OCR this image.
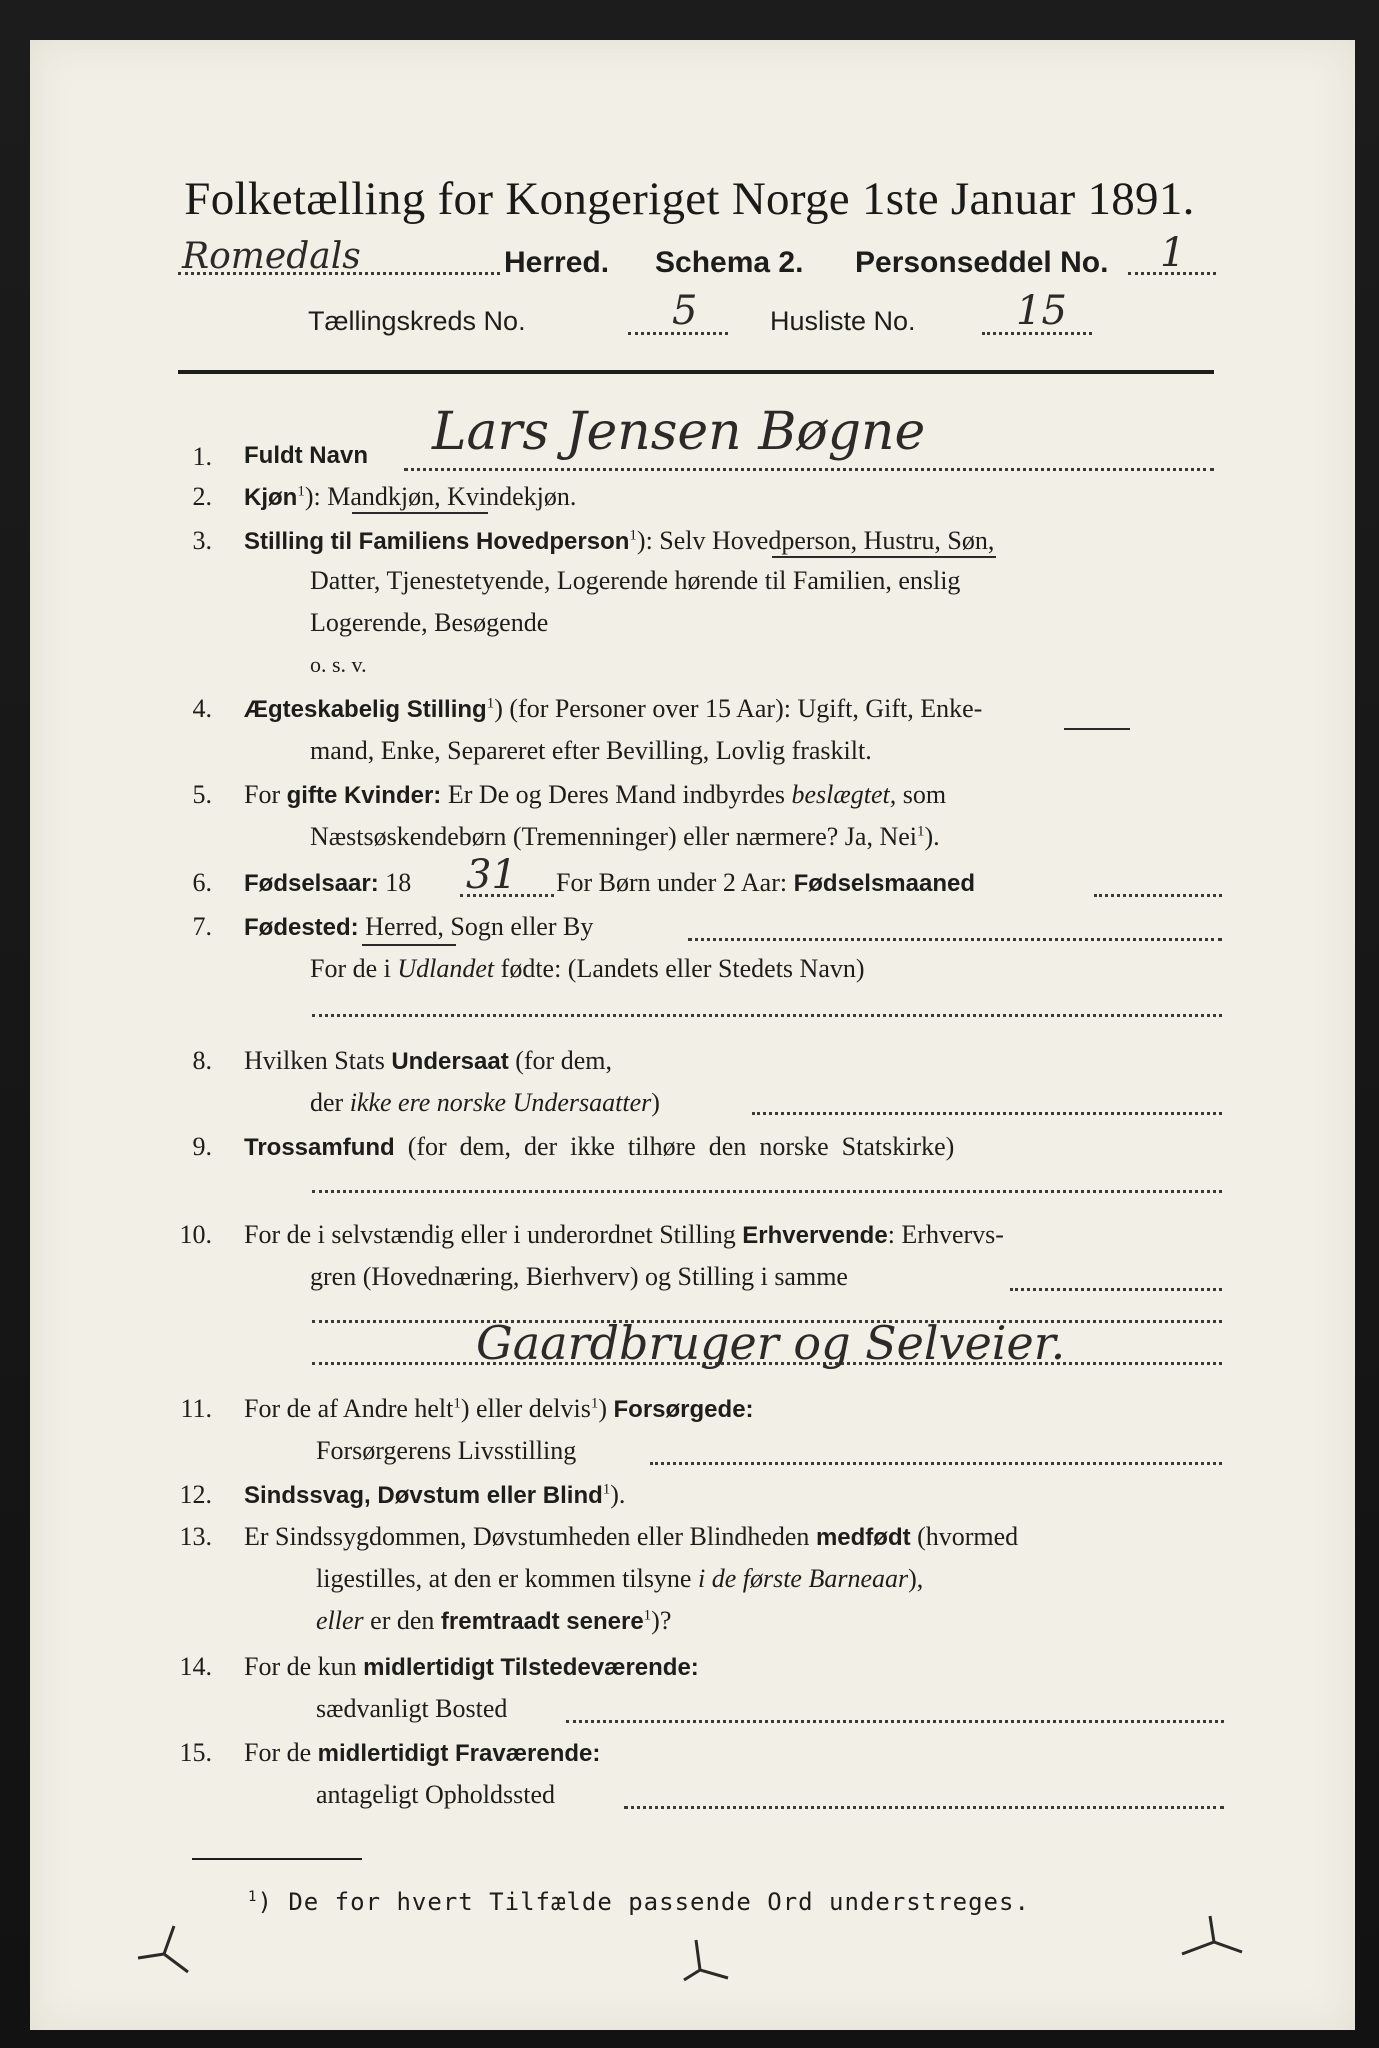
Folketælling for Kongeriget Norge 1ste Januar 1891.
Romedals	Herred. Schema 2. Personseddel No. 1
Tællingskreds No.	5	Husliste No.	15
1. Fuldt Navn Lars Jensen Bøgne
2. Kjøn$^1$): Mandkjøn, Kvindekjøn.
3. Stilling til Familiens Hovedperson$^1$): Selv Hovedperson, Hustru, Søn,
Datter, Tjenestetyende, Logerende hørende til Familien, enslig
Logerende, Besøgende
o. s. v.
4. Ægteskabelig Stilling$^1$) (for Personer over 15 Aar): Ugift, Gift, Enke-
mand, Enke, Separeret efter Bevilling, Lovlig fraskilt.
5. For gifte Kvinder: Er De og Deres Mand indbyrdes beslægtet, som
Næstsøskendebørn (Tremenninger) eller nærmere? Ja, Nei$^1$).
6. Fødselsaar: 18 31 For Børn under 2 Aar: Fødselsmaaned
7. Fødested: Herred, Sogn eller By
For de i Udlandet fødte: (Landets eller Stedets Navn)
8. Hvilken Stats Undersaat (for dem,
der ikke ere norske Undersaatter)
9. Trossamfund  (for  dem,  der  ikke  tilhøre  den  norske  Statskirke)
10. For de i selvstændig eller i underordnet Stilling Erhvervende: Erhvervs-
gren (Hovednæring, Bierhverv) og Stilling i samme
Gaardbruger og Selveier.
11. For de af Andre helt$^1$) eller delvis$^1$) Forsørgede:
Forsørgerens Livsstilling
12. Sindssvag, Døvstum eller Blind$^1$).
13. Er Sindssygdommen, Døvstumheden eller Blindheden medfødt (hvormed
ligestilles, at den er kommen tilsyne i de første Barneaar),
eller er den fremtraadt senere$^1$)?
14. For de kun midlertidigt Tilstedeværende:
sædvanligt Bosted
15. For de midlertidigt Fraværende:
antageligt Opholdssted
$^1$) De for hvert Tilfælde passende Ord understreges.
